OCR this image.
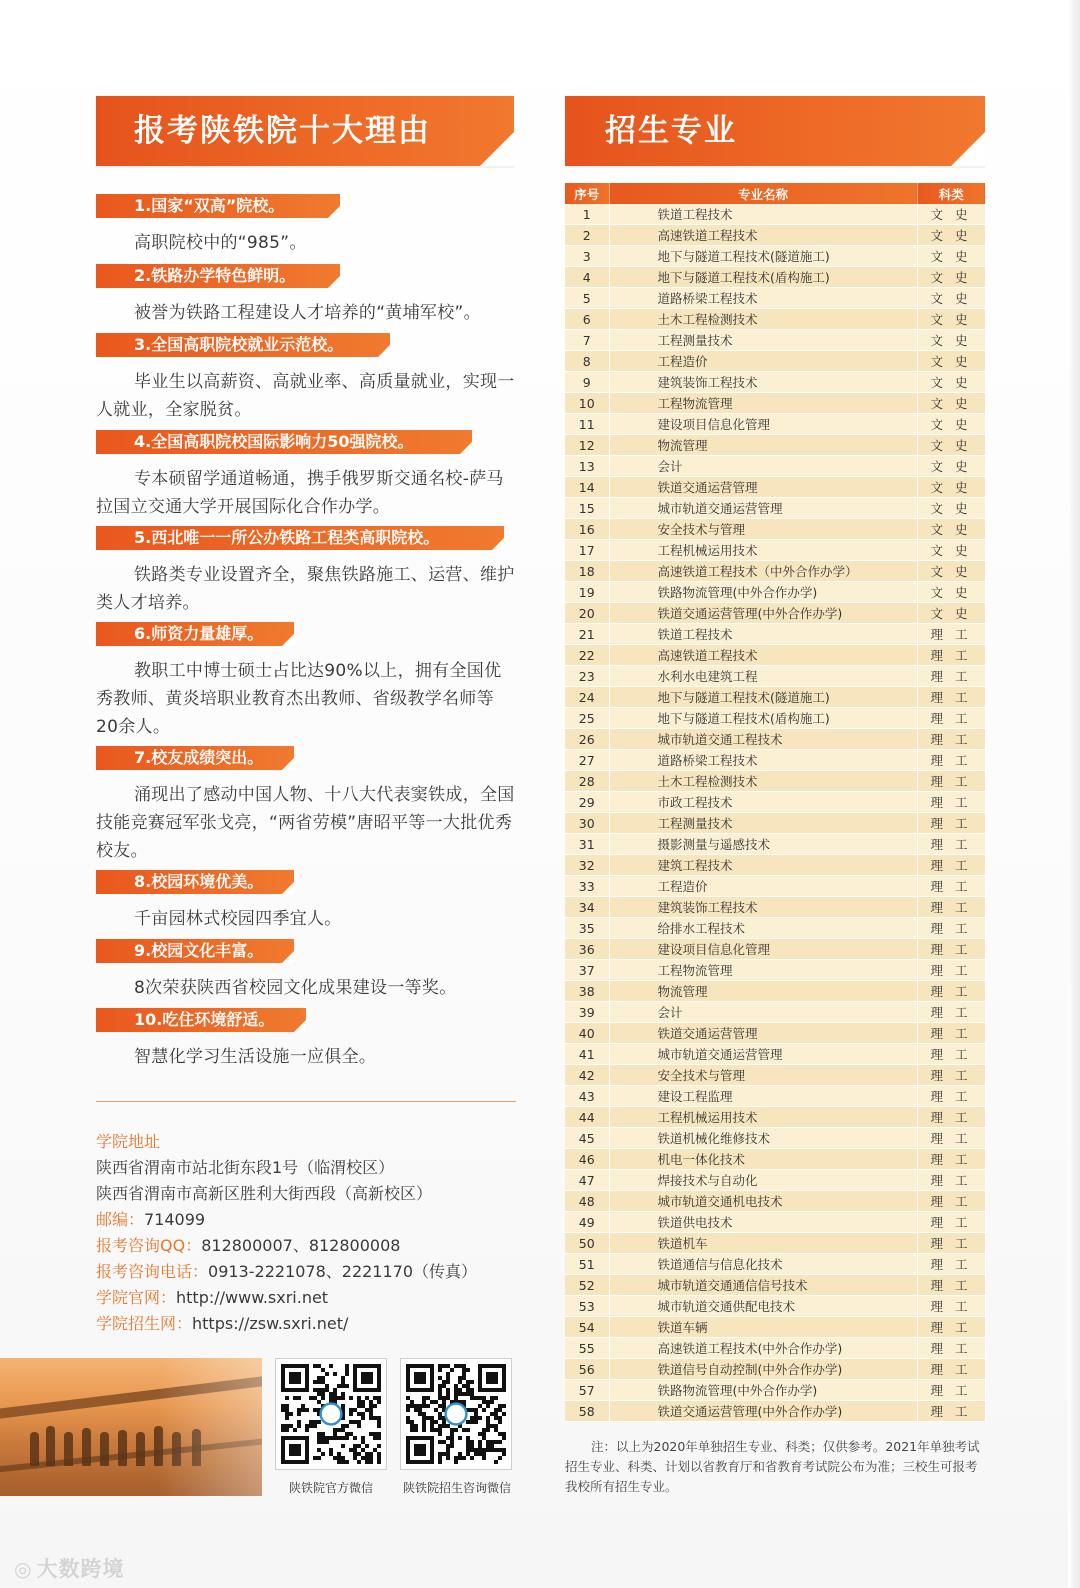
报考陕铁院十大理由	招生专业
1.国家“双高”院校。
高职院校中的“985”。
2.铁路办学特色鲜明。
被誉为铁路工程建设人才培养的“黄埔军校”。
3.全国高职院校就业示范校。
毕业生以高薪资、高就业率、高质量就业，实现一人就业，全家脱贫。
4.全国高职院校国际影响力50强院校。
专本硕留学通道畅通，携手俄罗斯交通名校-萨马拉国立交通大学开展国际化合作办学。
5.西北唯一一所公办铁路工程类高职院校。
铁路类专业设置齐全，聚焦铁路施工、运营、维护类人才培养。
6.师资力量雄厚。
教职工中博士硕士占比达90%以上，拥有全国优秀教师、黄炎培职业教育杰出教师、省级教学名师等20余人。
7.校友成绩突出。
涌现出了感动中国人物、十八大代表窦铁成，全国技能竞赛冠军张戈亮，“两省劳模”唐昭平等一大批优秀校友。
8.校园环境优美。
千亩园林式校园四季宜人。
9.校园文化丰富。
8次荣获陕西省校园文化成果建设一等奖。
10.吃住环境舒适。
智慧化学习生活设施一应俱全。
学院地址
陕西省渭南市站北街东段1号（临渭校区）
陕西省渭南市高新区胜利大街西段（高新校区）
邮编：714099
报考咨询QQ：812800007、812800008
报考咨询电话：0913-2221078、2221170（传真）
学院官网：http://www.sxri.net
学院招生网：https://zsw.sxri.net/
陕铁院官方微信	陕铁院招生咨询微信
序号	专业名称	科类
1	铁道工程技术	文 史
2	高速铁道工程技术	文 史
3	地下与隧道工程技术(隧道施工)	文 史
4	地下与隧道工程技术(盾构施工)	文 史
5	道路桥梁工程技术	文 史
6	土木工程检测技术	文 史
7	工程测量技术	文 史
8	工程造价	文 史
9	建筑装饰工程技术	文 史
10	工程物流管理	文 史
11	建设项目信息化管理	文 史
12	物流管理	文 史
13	会计	文 史
14	铁道交通运营管理	文 史
15	城市轨道交通运营管理	文 史
16	安全技术与管理	文 史
17	工程机械运用技术	文 史
18	高速铁道工程技术（中外合作办学）	文 史
19	铁路物流管理(中外合作办学)	文 史
20	铁道交通运营管理(中外合作办学)	文 史
21	铁道工程技术	理 工
22	高速铁道工程技术	理 工
23	水利水电建筑工程	理 工
24	地下与隧道工程技术(隧道施工)	理 工
25	地下与隧道工程技术(盾构施工)	理 工
26	城市轨道交通工程技术	理 工
27	道路桥梁工程技术	理 工
28	土木工程检测技术	理 工
29	市政工程技术	理 工
30	工程测量技术	理 工
31	摄影测量与遥感技术	理 工
32	建筑工程技术	理 工
33	工程造价	理 工
34	建筑装饰工程技术	理 工
35	给排水工程技术	理 工
36	建设项目信息化管理	理 工
37	工程物流管理	理 工
38	物流管理	理 工
39	会计	理 工
40	铁道交通运营管理	理 工
41	城市轨道交通运营管理	理 工
42	安全技术与管理	理 工
43	建设工程监理	理 工
44	工程机械运用技术	理 工
45	铁道机械化维修技术	理 工
46	机电一体化技术	理 工
47	焊接技术与自动化	理 工
48	城市轨道交通机电技术	理 工
49	铁道供电技术	理 工
50	铁道机车	理 工
51	铁道通信与信息化技术	理 工
52	城市轨道交通通信信号技术	理 工
53	城市轨道交通供配电技术	理 工
54	铁道车辆	理 工
55	高速铁道工程技术(中外合作办学)	理 工
56	铁道信号自动控制(中外合作办学)	理 工
57	铁路物流管理(中外合作办学)	理 工
58	铁道交通运营管理(中外合作办学)	理 工
注：以上为2020年单独招生专业、科类；仅供参考。2021年单独考试招生专业、科类、计划以省教育厅和省教育考试院公布为准；三校生可报考我校所有招生专业。
◎ 大数跨境
